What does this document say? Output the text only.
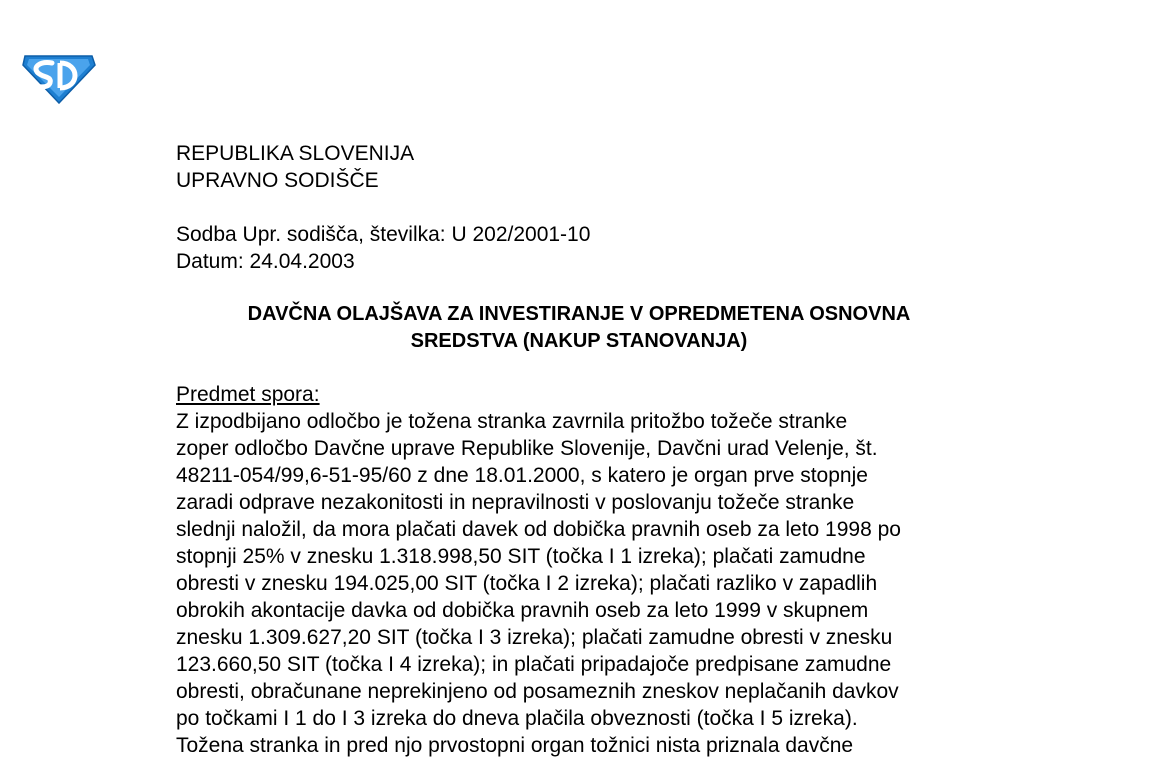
REPUBLIKA SLOVENIJA
UPRAVNO SODIŠČE
Sodba Upr. sodišča, številka: U 202/2001-10
Datum: 24.04.2003
DAVČNA OLAJŠAVA ZA INVESTIRANJE V OPREDMETENA OSNOVNA
SREDSTVA (NAKUP STANOVANJA)
Predmet spora:
Z izpodbijano odločbo je tožena stranka zavrnila pritožbo tožeče stranke
zoper odločbo Davčne uprave Republike Slovenije, Davčni urad Velenje, št.
48211-054/99,6-51-95/60 z dne 18.01.2000, s katero je organ prve stopnje
zaradi odprave nezakonitosti in nepravilnosti v poslovanju tožeče stranke
slednji naložil, da mora plačati davek od dobička pravnih oseb za leto 1998 po
stopnji 25% v znesku 1.318.998,50 SIT (točka I 1 izreka); plačati zamudne
obresti v znesku 194.025,00 SIT (točka I 2 izreka); plačati razliko v zapadlih
obrokih akontacije davka od dobička pravnih oseb za leto 1999 v skupnem
znesku 1.309.627,20 SIT (točka I 3 izreka); plačati zamudne obresti v znesku
123.660,50 SIT (točka I 4 izreka); in plačati pripadajoče predpisane zamudne
obresti, obračunane neprekinjeno od posameznih zneskov neplačanih davkov
po točkami I 1 do I 3 izreka do dneva plačila obveznosti (točka I 5 izreka).
Tožena stranka in pred njo prvostopni organ tožnici nista priznala davčne
